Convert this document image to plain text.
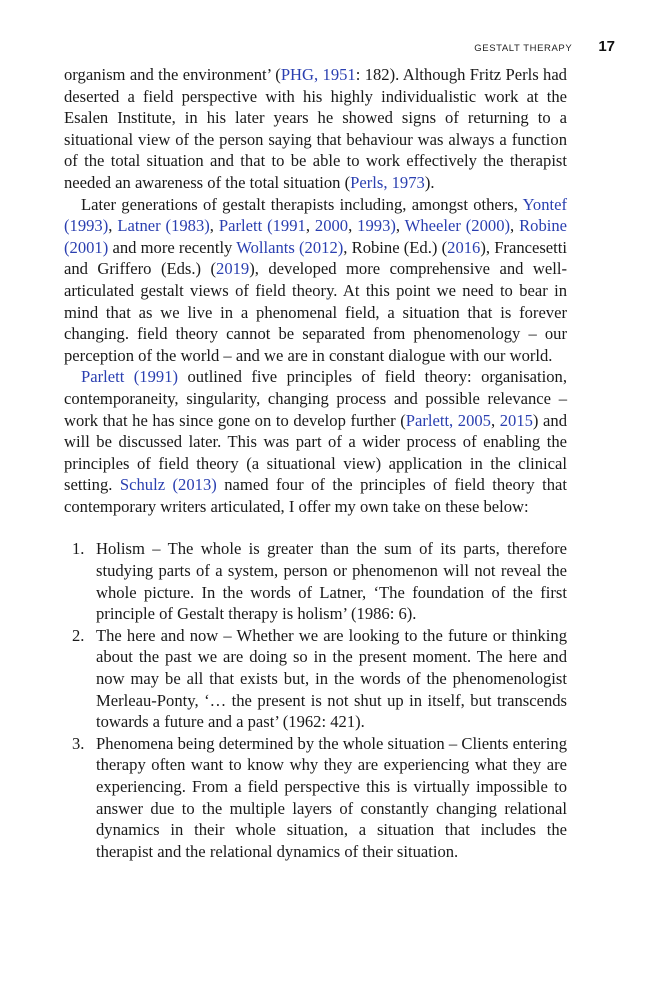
GESTALT THERAPY 17

organism and the environment’ (PHG, 1951: 182). Although Fritz Perls had deserted a field perspective with his highly individualistic work at the Esalen Institute, in his later years he showed signs of returning to a situational view of the person saying that behaviour was always a function of the total situation and that to be able to work effectively the therapist needed an awareness of the total situation (Perls, 1973).

Later generations of gestalt therapists including, amongst others, Yontef (1993), Latner (1983), Parlett (1991, 2000, 1993), Wheeler (2000), Robine (2001) and more recently Wollants (2012), Robine (Ed.) (2016), Francesetti and Griffero (Eds.) (2019), developed more comprehensive and well-articulated gestalt views of field theory. At this point we need to bear in mind that as we live in a phenomenal field, a situation that is forever changing. field theory cannot be separated from phenomenology – our perception of the world – and we are in constant dialogue with our world.

Parlett (1991) outlined five principles of field theory: organisation, contemporaneity, singularity, changing process and possible relevance – work that he has since gone on to develop further (Parlett, 2005, 2015) and will be discussed later. This was part of a wider process of enabling the principles of field theory (a situational view) application in the clinical setting. Schulz (2013) named four of the principles of field theory that contemporary writers articulated, I offer my own take on these below:

1. Holism – The whole is greater than the sum of its parts, therefore studying parts of a system, person or phenomenon will not reveal the whole picture. In the words of Latner, ‘The foundation of the first principle of Gestalt therapy is holism’ (1986: 6).
2. The here and now – Whether we are looking to the future or thinking about the past we are doing so in the present moment. The here and now may be all that exists but, in the words of the phenomenologist Merleau-Ponty, ‘… the present is not shut up in itself, but transcends towards a future and a past’ (1962: 421).
3. Phenomena being determined by the whole situation – Clients entering therapy often want to know why they are experiencing what they are experiencing. From a field perspective this is virtually impossible to answer due to the multiple layers of constantly changing relational dynamics in their whole situation, a situation that includes the therapist and the relational dynamics of their situation.
